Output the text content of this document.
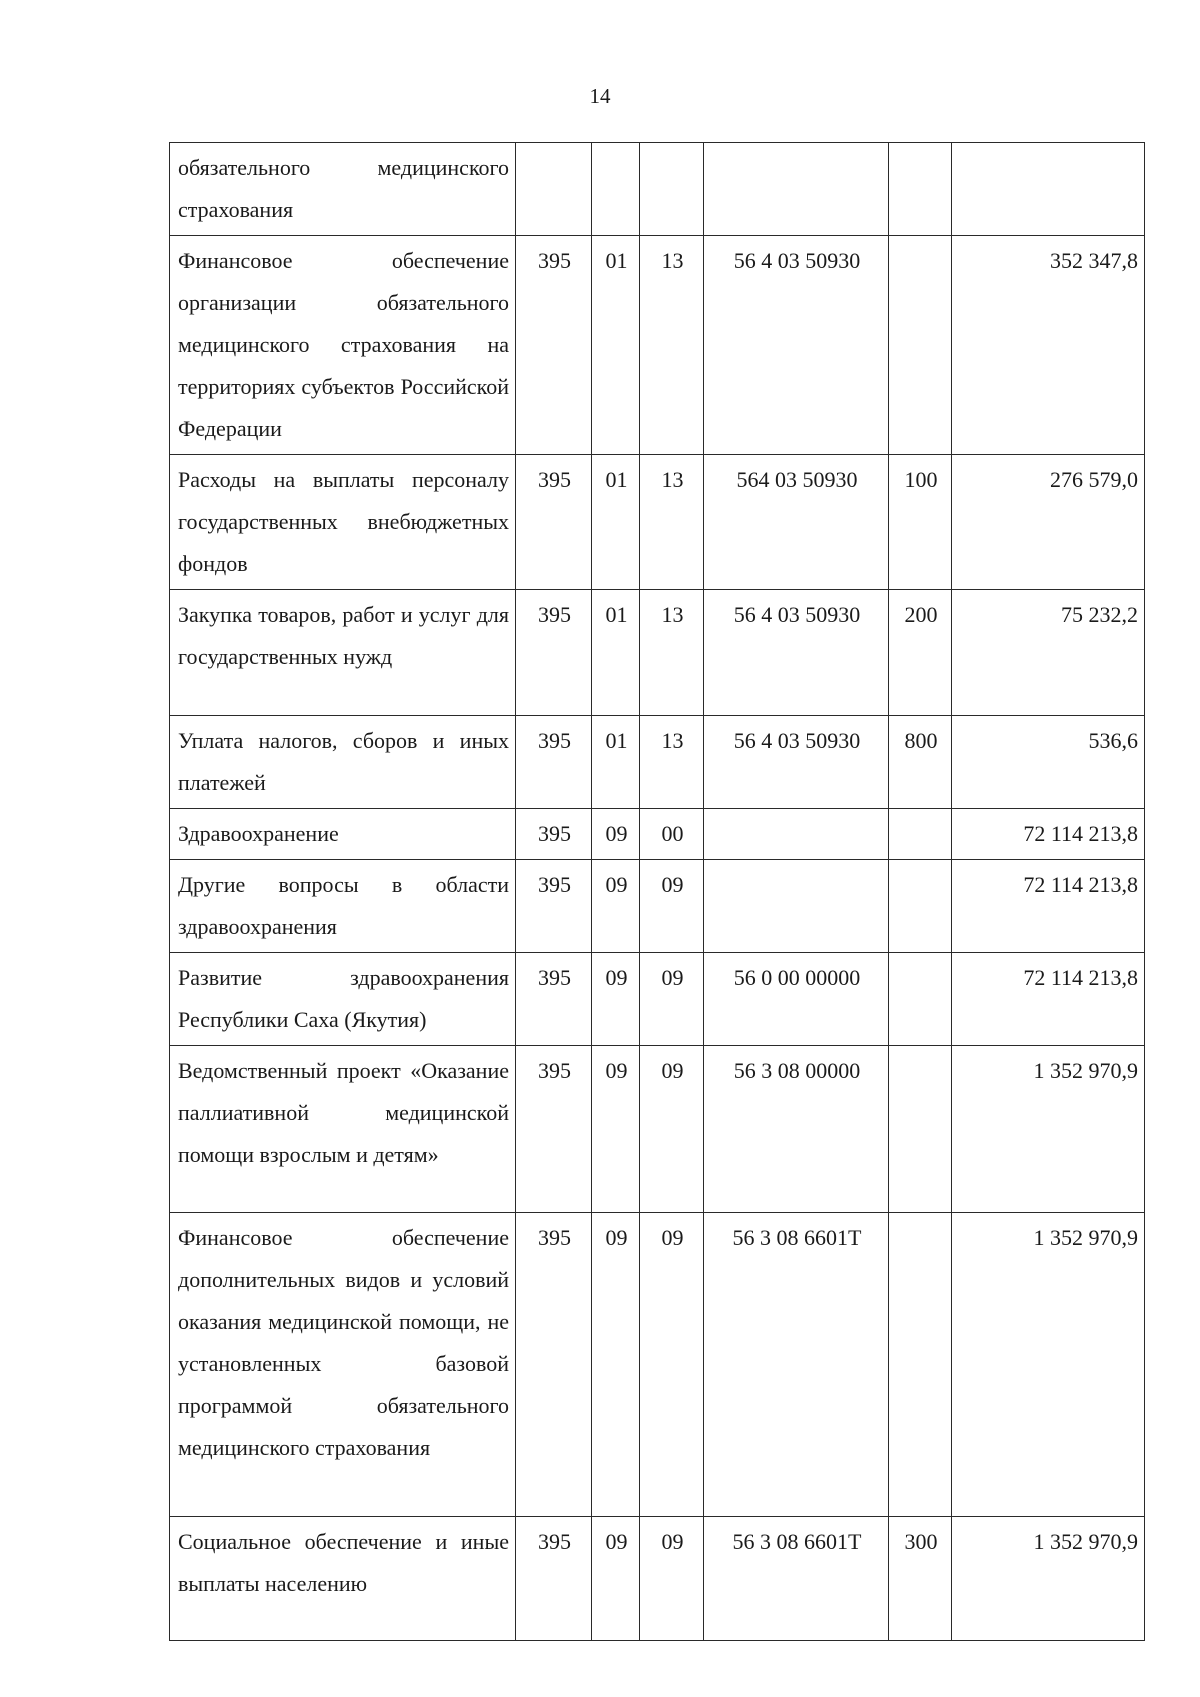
14
обязательного медицинского страхования						
Финансовое обеспечение организации обязательного медицинского страхования на территориях субъектов Российской Федерации	395	01	13	56 4 03 50930		352 347,8
Расходы на выплаты персоналу государственных внебюджетных фондов	395	01	13	564 03 50930	100	276 579,0
Закупка товаров, работ и услуг для государственных нужд	395	01	13	56 4 03 50930	200	75 232,2
Уплата налогов, сборов и иных платежей	395	01	13	56 4 03 50930	800	536,6
Здравоохранение	395	09	00			72 114 213,8
Другие вопросы в области здравоохранения	395	09	09			72 114 213,8
Развитие здравоохранения Республики Саха (Якутия)	395	09	09	56 0 00 00000		72 114 213,8
Ведомственный проект «Оказание паллиативной медицинской помощи взрослым и детям»	395	09	09	56 3 08 00000		1 352 970,9
Финансовое обеспечение дополнительных видов и условий оказания медицинской помощи, не установленных базовой программой обязательного медицинского страхования	395	09	09	56 3 08 6601Т		1 352 970,9
Социальное обеспечение и иные выплаты населению	395	09	09	56 3 08 6601Т	300	1 352 970,9
